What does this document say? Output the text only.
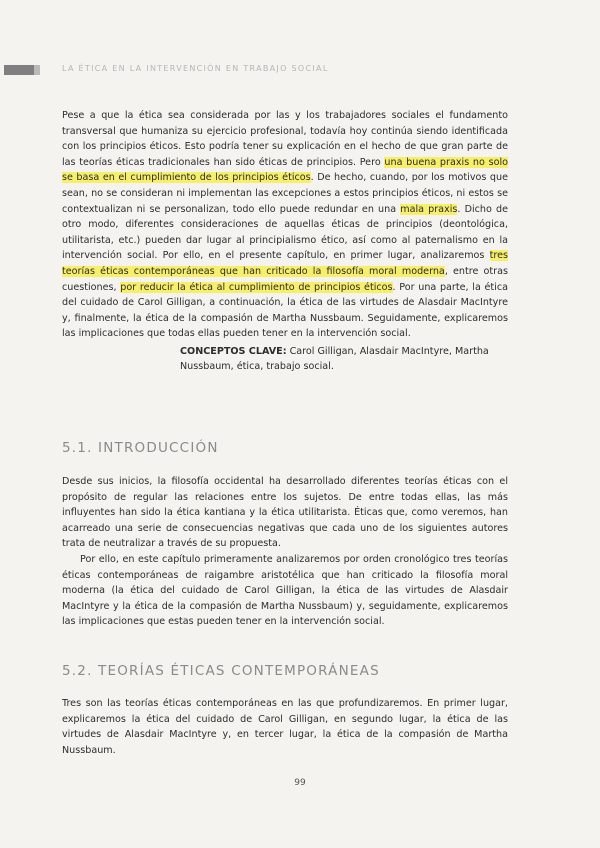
LA ÉTICA EN LA INTERVENCIÓN EN TRABAJO SOCIAL

Pese a que la ética sea considerada por las y los trabajadores sociales el fundamento transversal que humaniza su ejercicio profesional, todavía hoy continúa siendo identificada con los principios éticos. Esto podría tener su explicación en el hecho de que gran parte de las teorías éticas tradicionales han sido éticas de principios. Pero una buena praxis no solo se basa en el cumplimiento de los principios éticos. De hecho, cuando, por los motivos que sean, no se consideran ni implementan las excepciones a estos principios éticos, ni estos se contextualizan ni se personalizan, todo ello puede redundar en una mala praxis. Dicho de otro modo, diferentes consideraciones de aquellas éticas de principios (deontológica, utilitarista, etc.) pueden dar lugar al principialismo ético, así como al paternalismo en la intervención social. Por ello, en el presente capítulo, en primer lugar, analizaremos tres teorías éticas contemporáneas que han criticado la filosofía moral moderna, entre otras cuestiones, por reducir la ética al cumplimiento de principios éticos. Por una parte, la ética del cuidado de Carol Gilligan, a continuación, la ética de las virtudes de Alasdair MacIntyre y, finalmente, la ética de la compasión de Martha Nussbaum. Seguidamente, explicaremos las implicaciones que todas ellas pueden tener en la intervención social.

CONCEPTOS CLAVE: Carol Gilligan, Alasdair MacIntyre, Martha Nussbaum, ética, trabajo social.

5.1. INTRODUCCIÓN

Desde sus inicios, la filosofía occidental ha desarrollado diferentes teorías éticas con el propósito de regular las relaciones entre los sujetos. De entre todas ellas, las más influyentes han sido la ética kantiana y la ética utilitarista. Éticas que, como veremos, han acarreado una serie de consecuencias negativas que cada uno de los siguientes autores trata de neutralizar a través de su propuesta.

Por ello, en este capítulo primeramente analizaremos por orden cronológico tres teorías éticas contemporáneas de raigambre aristotélica que han criticado la filosofía moral moderna (la ética del cuidado de Carol Gilligan, la ética de las virtudes de Alasdair MacIntyre y la ética de la compasión de Martha Nussbaum) y, seguidamente, explicaremos las implicaciones que estas pueden tener en la intervención social.

5.2. TEORÍAS ÉTICAS CONTEMPORÁNEAS

Tres son las teorías éticas contemporáneas en las que profundizaremos. En primer lugar, explicaremos la ética del cuidado de Carol Gilligan, en segundo lugar, la ética de las virtudes de Alasdair MacIntyre y, en tercer lugar, la ética de la compasión de Martha Nussbaum.

99
